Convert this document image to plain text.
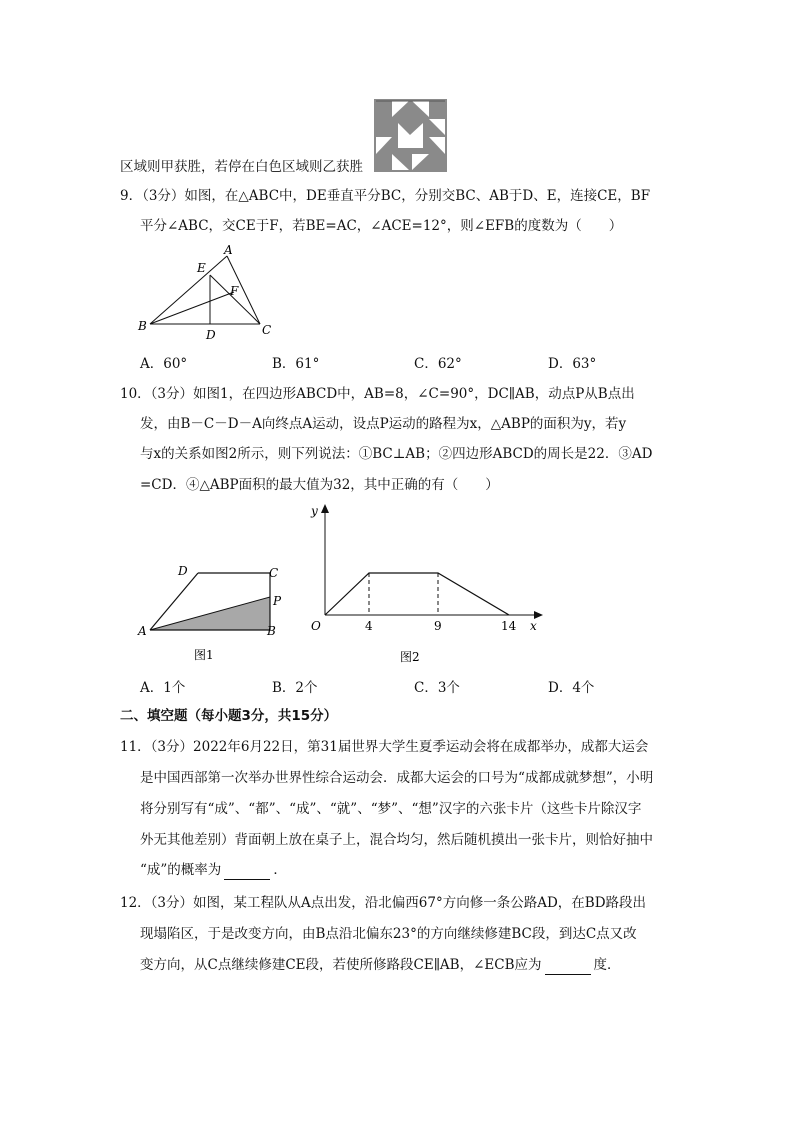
区域则甲获胜，若停在白色区域则乙获胜
9．（3分）如图，在△ABC中，DE垂直平分BC，分别交BC、AB于D、E，连接CE，BF
平分∠ABC，交CE于F，若BE=AC，∠ACE=12°，则∠EFB的度数为（　　）
A
E
F
B
D	C
A．60°	B．61°	C．62°	D．63°
10．（3分）如图1，在四边形ABCD中，AB=8，∠C=90°，DC∥AB，动点P从B点出
发，由B－C－D－A向终点A运动，设点P运动的路程为x，△ABP的面积为y，若y
与x的关系如图2所示，则下列说法：①BC⊥AB；②四边形ABCD的周长是22．③AD
=CD．④△ABP面积的最大值为32，其中正确的有（　　）
D	C
P
A	B
图1
y
x
O	4	9	14
图2
A．1个	B．2个	C．3个	D．4个
二、填空题（每小题3分，共15分）
11．（3分）2022年6月22日，第31届世界大学生夏季运动会将在成都举办，成都大运会
是中国西部第一次举办世界性综合运动会．成都大运会的口号为“成都成就梦想”，小明
将分别写有“成”、“都”、“成”、“就”、“梦”、“想”汉字的六张卡片（这些卡片除汉字
外无其他差别）背面朝上放在桌子上，混合均匀，然后随机摸出一张卡片，则恰好抽中
“成”的概率为	．
12．（3分）如图，某工程队从A点出发，沿北偏西67°方向修一条公路AD，在BD路段出
现塌陷区，于是改变方向，由B点沿北偏东23°的方向继续修建BC段，到达C点又改
变方向，从C点继续修建CE段，若使所修路段CE∥AB，∠ECB应为	度．
